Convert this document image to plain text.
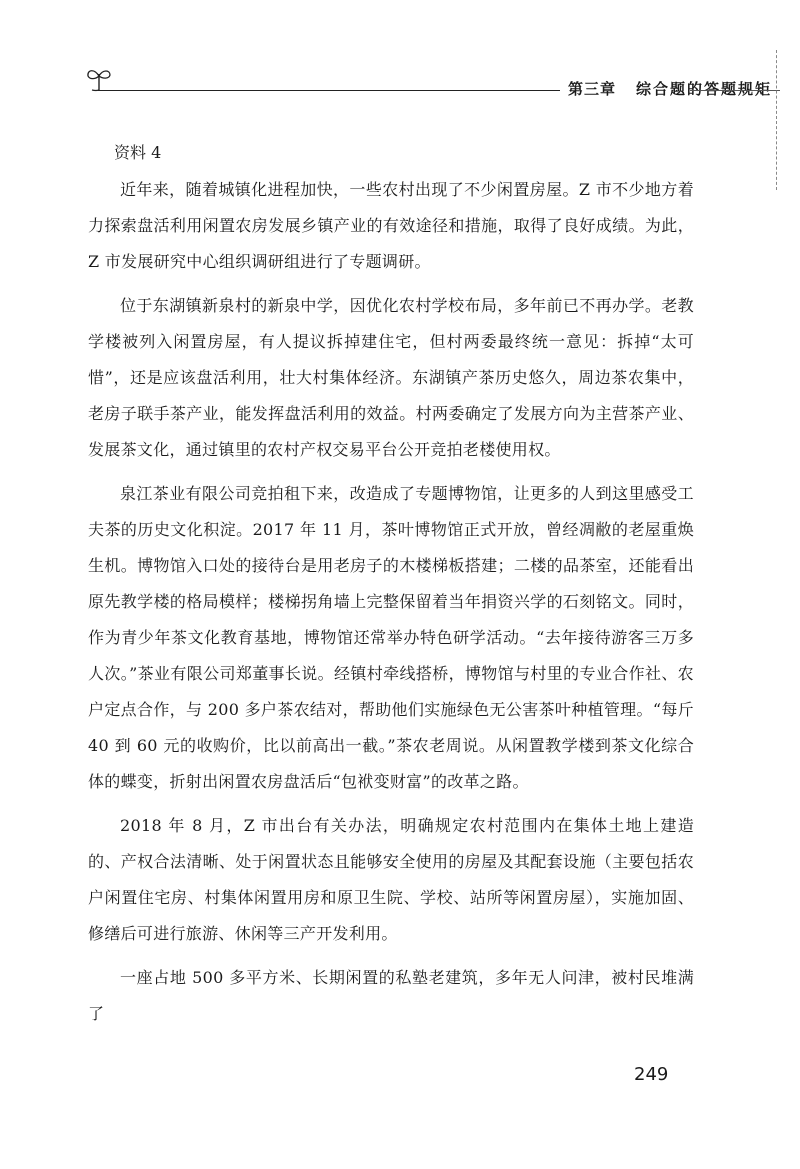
第三章 综合题的答题规矩

资料 4

近年来，随着城镇化进程加快，一些农村出现了不少闲置房屋。Z 市不少地方着力探索盘活利用闲置农房发展乡镇产业的有效途径和措施，取得了良好成绩。为此，Z 市发展研究中心组织调研组进行了专题调研。

位于东湖镇新泉村的新泉中学，因优化农村学校布局，多年前已不再办学。老教学楼被列入闲置房屋，有人提议拆掉建住宅，但村两委最终统一意见：拆掉“太可惜”，还是应该盘活利用，壮大村集体经济。东湖镇产茶历史悠久，周边茶农集中，老房子联手茶产业，能发挥盘活利用的效益。村两委确定了发展方向为主营茶产业、发展茶文化，通过镇里的农村产权交易平台公开竞拍老楼使用权。

泉江茶业有限公司竞拍租下来，改造成了专题博物馆，让更多的人到这里感受工夫茶的历史文化积淀。2017 年 11 月，茶叶博物馆正式开放，曾经凋敝的老屋重焕生机。博物馆入口处的接待台是用老房子的木楼梯板搭建；二楼的品茶室，还能看出原先教学楼的格局模样；楼梯拐角墙上完整保留着当年捐资兴学的石刻铭文。同时，作为青少年茶文化教育基地，博物馆还常举办特色研学活动。“去年接待游客三万多人次。”茶业有限公司郑董事长说。经镇村牵线搭桥，博物馆与村里的专业合作社、农户定点合作，与 200 多户茶农结对，帮助他们实施绿色无公害茶叶种植管理。“每斤 40 到 60 元的收购价，比以前高出一截。”茶农老周说。从闲置教学楼到茶文化综合体的蝶变，折射出闲置农房盘活后“包袱变财富”的改革之路。

2018 年 8 月，Z 市出台有关办法，明确规定农村范围内在集体土地上建造的、产权合法清晰、处于闲置状态且能够安全使用的房屋及其配套设施（主要包括农户闲置住宅房、村集体闲置用房和原卫生院、学校、站所等闲置房屋），实施加固、修缮后可进行旅游、休闲等三产开发利用。

一座占地 500 多平方米、长期闲置的私塾老建筑，多年无人问津，被村民堆满了

249
